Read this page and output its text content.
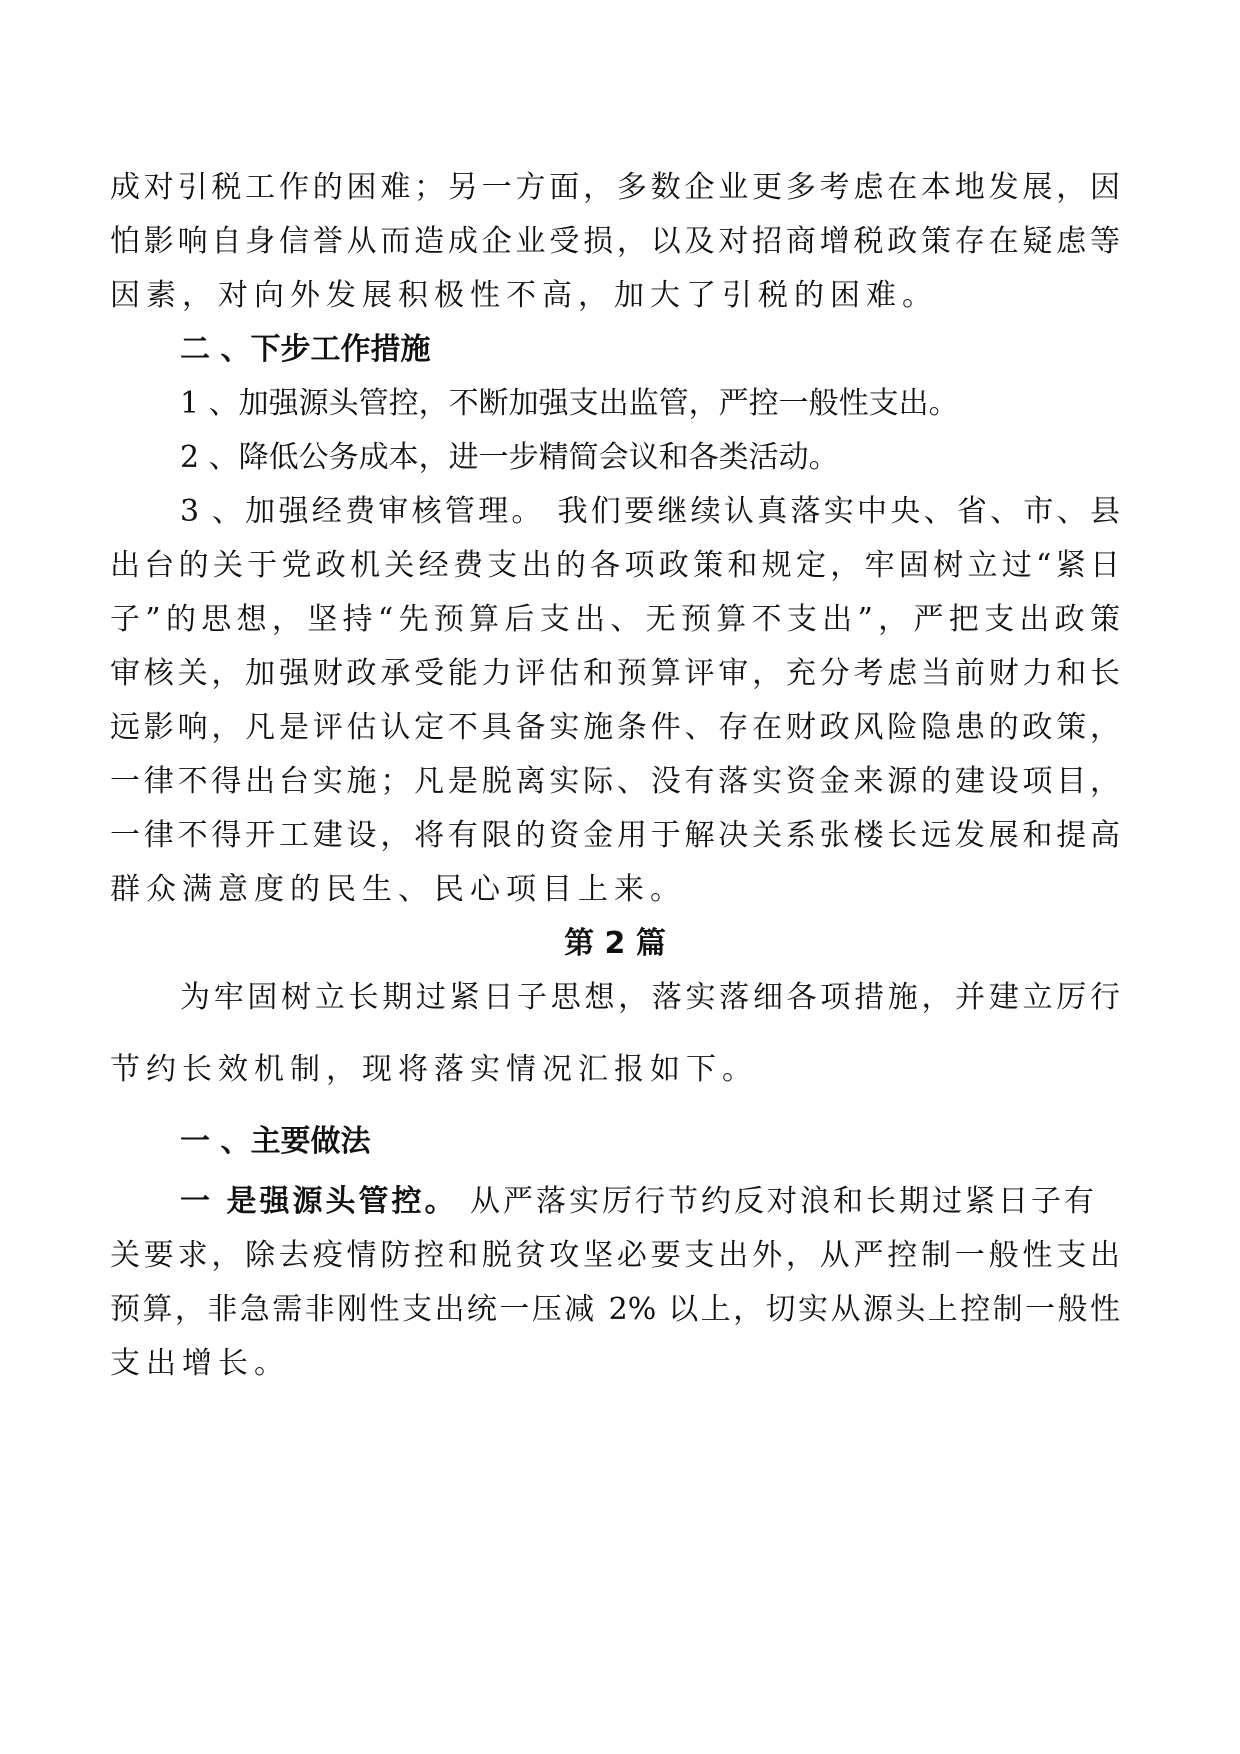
成对引税工作的困难；另一方面，多数企业更多考虑在本地发展，因
怕影响自身信誉从而造成企业受损，以及对招商增税政策存在疑虑等
因素，对向外发展积极性不高，加大了引税的困难。
二 、下步工作措施
1 、加强源头管控，不断加强支出监管，严控一般性支出。
2 、降低公务成本，进一步精简会议和各类活动。
3 、加强经费审核管理。 我们要继续认真落实中央、省、市、县
出台的关于党政机关经费支出的各项政策和规定，牢固树立过“紧日
子”的思想，坚持“先预算后支出、无预算不支出”，严把支出政策
审核关，加强财政承受能力评估和预算评审，充分考虑当前财力和长
远影响，凡是评估认定不具备实施条件、存在财政风险隐患的政策，
一律不得出台实施；凡是脱离实际、没有落实资金来源的建设项目，
一律不得开工建设，将有限的资金用于解决关系张楼长远发展和提高
群众满意度的民生、民心项目上来。
第 2 篇
为牢固树立长期过紧日子思想，落实落细各项措施，并建立厉行
节约长效机制，现将落实情况汇报如下。
一 、主要做法
一 是强源头管控。 从严落实厉行节约反对浪和长期过紧日子有
关要求，除去疫情防控和脱贫攻坚必要支出外，从严控制一般性支出
预算，非急需非刚性支出统一压减 2% 以上，切实从源头上控制一般性
支出增长。
